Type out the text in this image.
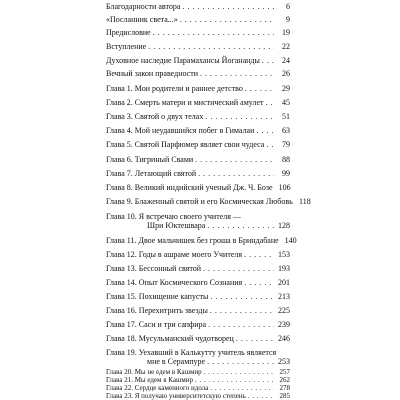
Благодарности автора . . .	6
«Посланник света...» . . .	9
Предисловие . . .	19
Вступление . . .	22
Духовное наследие Парамахансы Йогананды . . .	24
Вечный закон праведности . . .	26
Глава 1. Мои родители и раннее детство . . .	29
Глава 2. Смерть матери и мистический амулет . . .	45
Глава 3. Святой о двух телах . . .	51
Глава 4. Мой неудавшийся побег в Гималаи . . .	63
Глава 5. Святой Парфюмер являет свои чудеса . . .	79
Глава 6. Тигриный Свами . . .	88
Глава 7. Летающий святой . . .	99
Глава 8. Великий индийский ученый Дж. Ч. Бозе 106
Глава 9. Блаженный святой и его Космическая Любовь 118
Глава 10. Я встречаю своего учителя —
Шри Юктешвара . . .	128
Глава 11. Двое мальчишек без гроша в Бриндабане 140
Глава 12. Годы в ашраме моего Учителя . . .	153
Глава 13. Бессонный святой . . .	193
Глава 14. Опыт Космического Сознания . . .	201
Глава 15. Похищение капусты . . .	213
Глава 16. Перехитрить звезды . . .	225
Глава 17. Саси и три сапфира . . .	239
Глава 18. Мусульманский чудотворец . . .	246
Глава 19. Уехавший в Калькутту учитель является
мне в Серампуре . . .	253
Глава 20. Мы не едем в Кашмир . . .	257
Глава 21. Мы едем в Кашмир . . .	262
Глава 22. Сердце каменного идола . . .	278
Глава 23. Я получаю университетскую степень . . .	285
